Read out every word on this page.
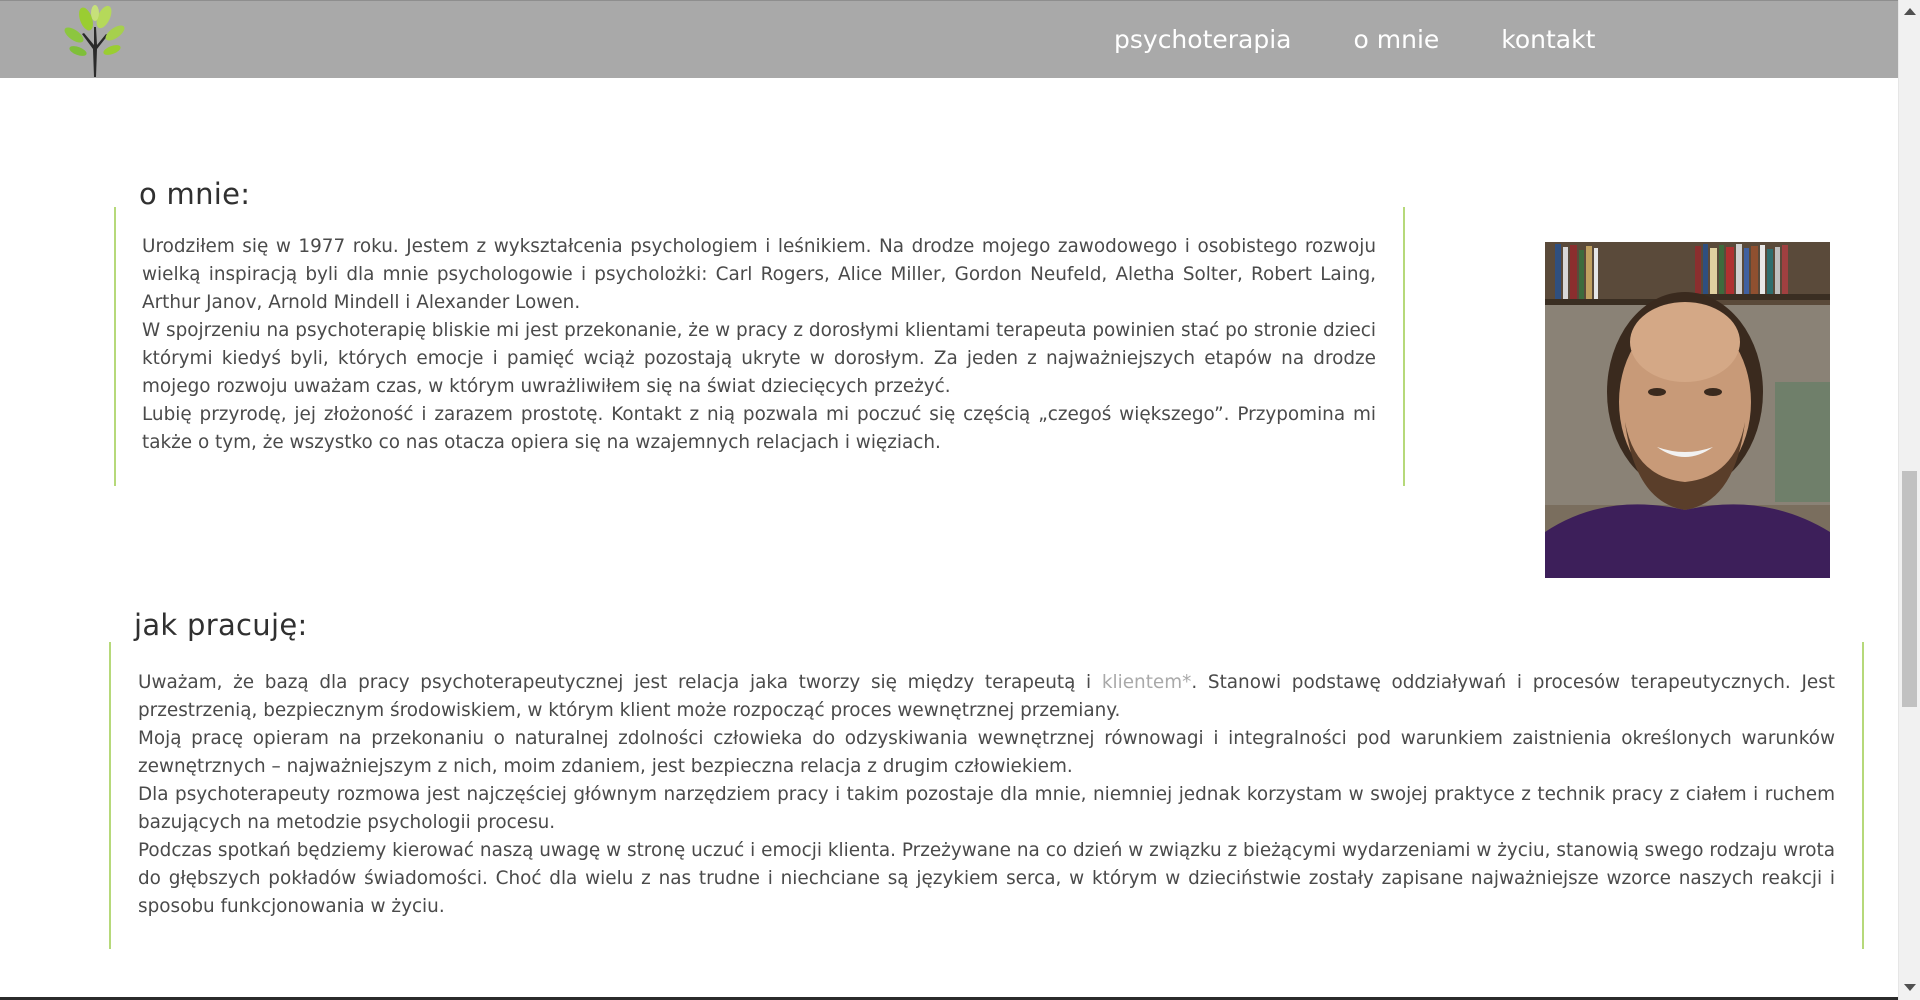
psychoterapia o mnie kontakt
o mnie:

Urodziłem się w 1977 roku. Jestem z wykształcenia psychologiem i leśnikiem. Na drodze mojego zawodowego i osobistego rozwoju wielką inspiracją byli dla mnie psychologowie i psycholożki: Carl Rogers, Alice Miller, Gordon Neufeld, Aletha Solter, Robert Laing, Arthur Janov, Arnold Mindell i Alexander Lowen.

W spojrzeniu na psychoterapię bliskie mi jest przekonanie, że w pracy z dorosłymi klientami terapeuta powinien stać po stronie dzieci którymi kiedyś byli, których emocje i pamięć wciąż pozostają ukryte w dorosłym. Za jeden z najważniejszych etapów na drodze mojego rozwoju uważam czas, w którym uwrażliwiłem się na świat dziecięcych przeżyć.

Lubię przyrodę, jej złożoność i zarazem prostotę. Kontakt z nią pozwala mi poczuć się częścią „czegoś większego”. Przypomina mi także o tym, że wszystko co nas otacza opiera się na wzajemnych relacjach i więziach.

jak pracuję:

Uważam, że bazą dla pracy psychoterapeutycznej jest relacja jaka tworzy się między terapeutą i klientem*. Stanowi podstawę oddziaływań i procesów terapeutycznych. Jest przestrzenią, bezpiecznym środowiskiem, w którym klient może rozpocząć proces wewnętrznej przemiany.

Moją pracę opieram na przekonaniu o naturalnej zdolności człowieka do odzyskiwania wewnętrznej równowagi i integralności pod warunkiem zaistnienia określonych warunków zewnętrznych – najważniejszym z nich, moim zdaniem, jest bezpieczna relacja z drugim człowiekiem.

Dla psychoterapeuty rozmowa jest najczęściej głównym narzędziem pracy i takim pozostaje dla mnie, niemniej jednak korzystam w swojej praktyce z technik pracy z ciałem i ruchem bazujących na metodzie psychologii procesu.

Podczas spotkań będziemy kierować naszą uwagę w stronę uczuć i emocji klienta. Przeżywane na co dzień w związku z bieżącymi wydarzeniami w życiu, stanowią swego rodzaju wrota do głębszych pokładów świadomości. Choć dla wielu z nas trudne i niechciane są językiem serca, w którym w dzieciństwie zostały zapisane najważniejsze wzorce naszych reakcji i sposobu funkcjonowania w życiu.
